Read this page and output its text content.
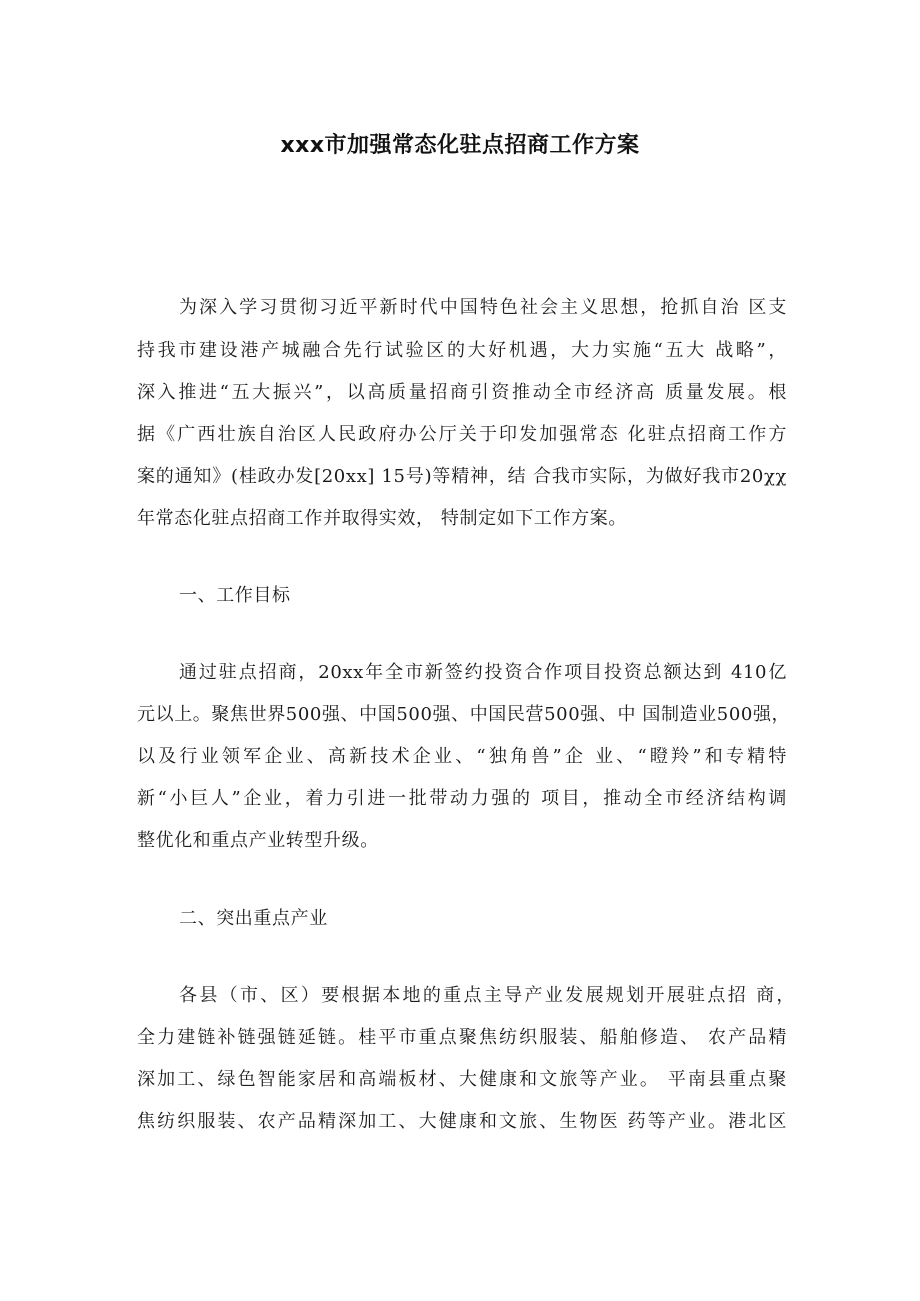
xxx市加强常态化驻点招商工作方案
为深入学习贯彻习近平新时代中国特色社会主义思想，抢抓自治 区支
持我市建设港产城融合先行试验区的大好机遇，大力实施“五大 战略”，
深入推进“五大振兴”，以高质量招商引资推动全市经济高 质量发展。根
据《广西壮族自治区人民政府办公厅关于印发加强常态 化驻点招商工作方
案的通知》(桂政办发[20xx] 15号)等精神，结 合我市实际，为做好我市20χχ
年常态化驻点招商工作并取得实效， 特制定如下工作方案。
一、工作目标
通过驻点招商，20xx年全市新签约投资合作项目投资总额达到 410亿
元以上。聚焦世界500强、中国500强、中国民营500强、中 国制造业500强，
以及行业领军企业、高新技术企业、“独角兽”企 业、“瞪羚”和专精特
新“小巨人”企业，着力引进一批带动力强的 项目，推动全市经济结构调
整优化和重点产业转型升级。
二、突出重点产业
各县（市、区）要根据本地的重点主导产业发展规划开展驻点招 商，
全力建链补链强链延链。桂平市重点聚焦纺织服装、船舶修造、 农产品精
深加工、绿色智能家居和高端板材、大健康和文旅等产业。 平南县重点聚
焦纺织服装、农产品精深加工、大健康和文旅、生物医 药等产业。港北区
